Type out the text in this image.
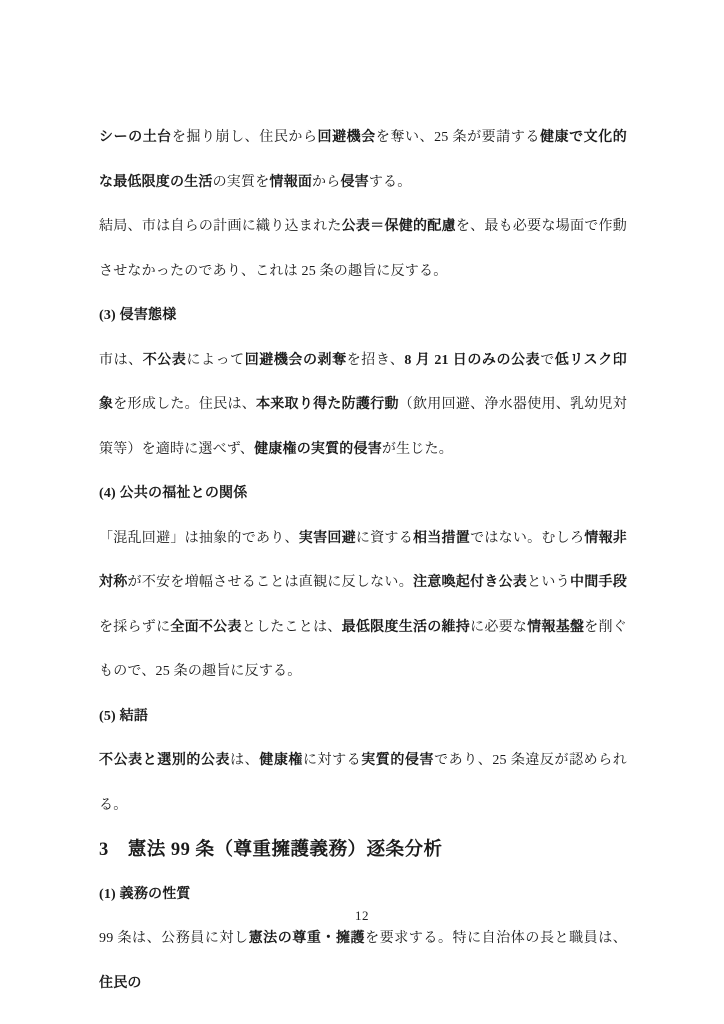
シーの土台を掘り崩し、住民から回避機会を奪い、25 条が要請する健康で文化的な最低限度の生活の実質を情報面から侵害する。

結局、市は自らの計画に織り込まれた公表＝保健的配慮を、最も必要な場面で作動させなかったのであり、これは 25 条の趣旨に反する。

(3) 侵害態様

市は、不公表によって回避機会の剥奪を招き、8 月 21 日のみの公表で低リスク印象を形成した。住民は、本来取り得た防護行動（飲用回避、浄水器使用、乳幼児対策等）を適時に選べず、健康権の実質的侵害が生じた。

(4) 公共の福祉との関係

「混乱回避」は抽象的であり、実害回避に資する相当措置ではない。むしろ情報非対称が不安を増幅させることは直観に反しない。注意喚起付き公表という中間手段を採らずに全面不公表としたことは、最低限度生活の維持に必要な情報基盤を削ぐもので、25 条の趣旨に反する。

(5) 結語

不公表と選別的公表は、健康権に対する実質的侵害であり、25 条違反が認められる。

3　憲法 99 条（尊重擁護義務）逐条分析

(1) 義務の性質

99 条は、公務員に対し憲法の尊重・擁護を要求する。特に自治体の長と職員は、住民の

12
